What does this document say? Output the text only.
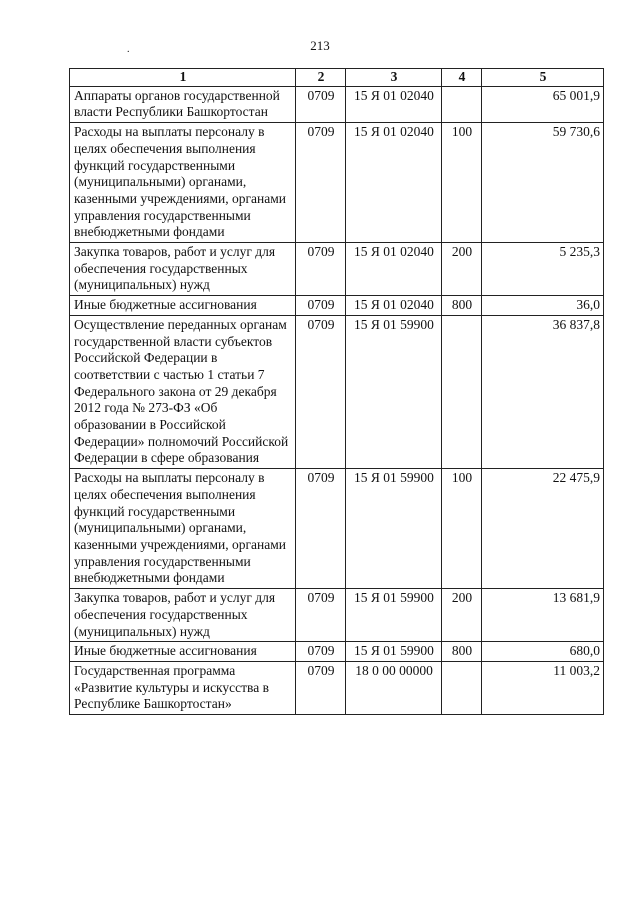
213
.
1	2	3	4	5
Аппараты органов государственной власти Республики Башкортостан	0709	15 Я 01 02040		65 001,9
Расходы на выплаты персоналу в целях обеспечения выполнения функций государственными (муниципальными) органами, казенными учреждениями, органами управления государственными внебюджетными фондами	0709	15 Я 01 02040	100	59 730,6
Закупка товаров, работ и услуг для обеспечения государственных (муниципальных) нужд	0709	15 Я 01 02040	200	5 235,3
Иные бюджетные ассигнования	0709	15 Я 01 02040	800	36,0
Осуществление переданных органам государственной власти субъектов Российской Федерации в соответствии с частью 1 статьи 7 Федерального закона от 29 декабря 2012 года № 273-ФЗ «Об образовании в Российской Федерации» полномочий Российской Федерации в сфере образования	0709	15 Я 01 59900		36 837,8
Расходы на выплаты персоналу в целях обеспечения выполнения функций государственными (муниципальными) органами, казенными учреждениями, органами управления государственными внебюджетными фондами	0709	15 Я 01 59900	100	22 475,9
Закупка товаров, работ и услуг для обеспечения государственных (муниципальных) нужд	0709	15 Я 01 59900	200	13 681,9
Иные бюджетные ассигнования	0709	15 Я 01 59900	800	680,0
Государственная программа «Развитие культуры и искусства в Республике Башкортостан»	0709	18 0 00 00000		11 003,2
